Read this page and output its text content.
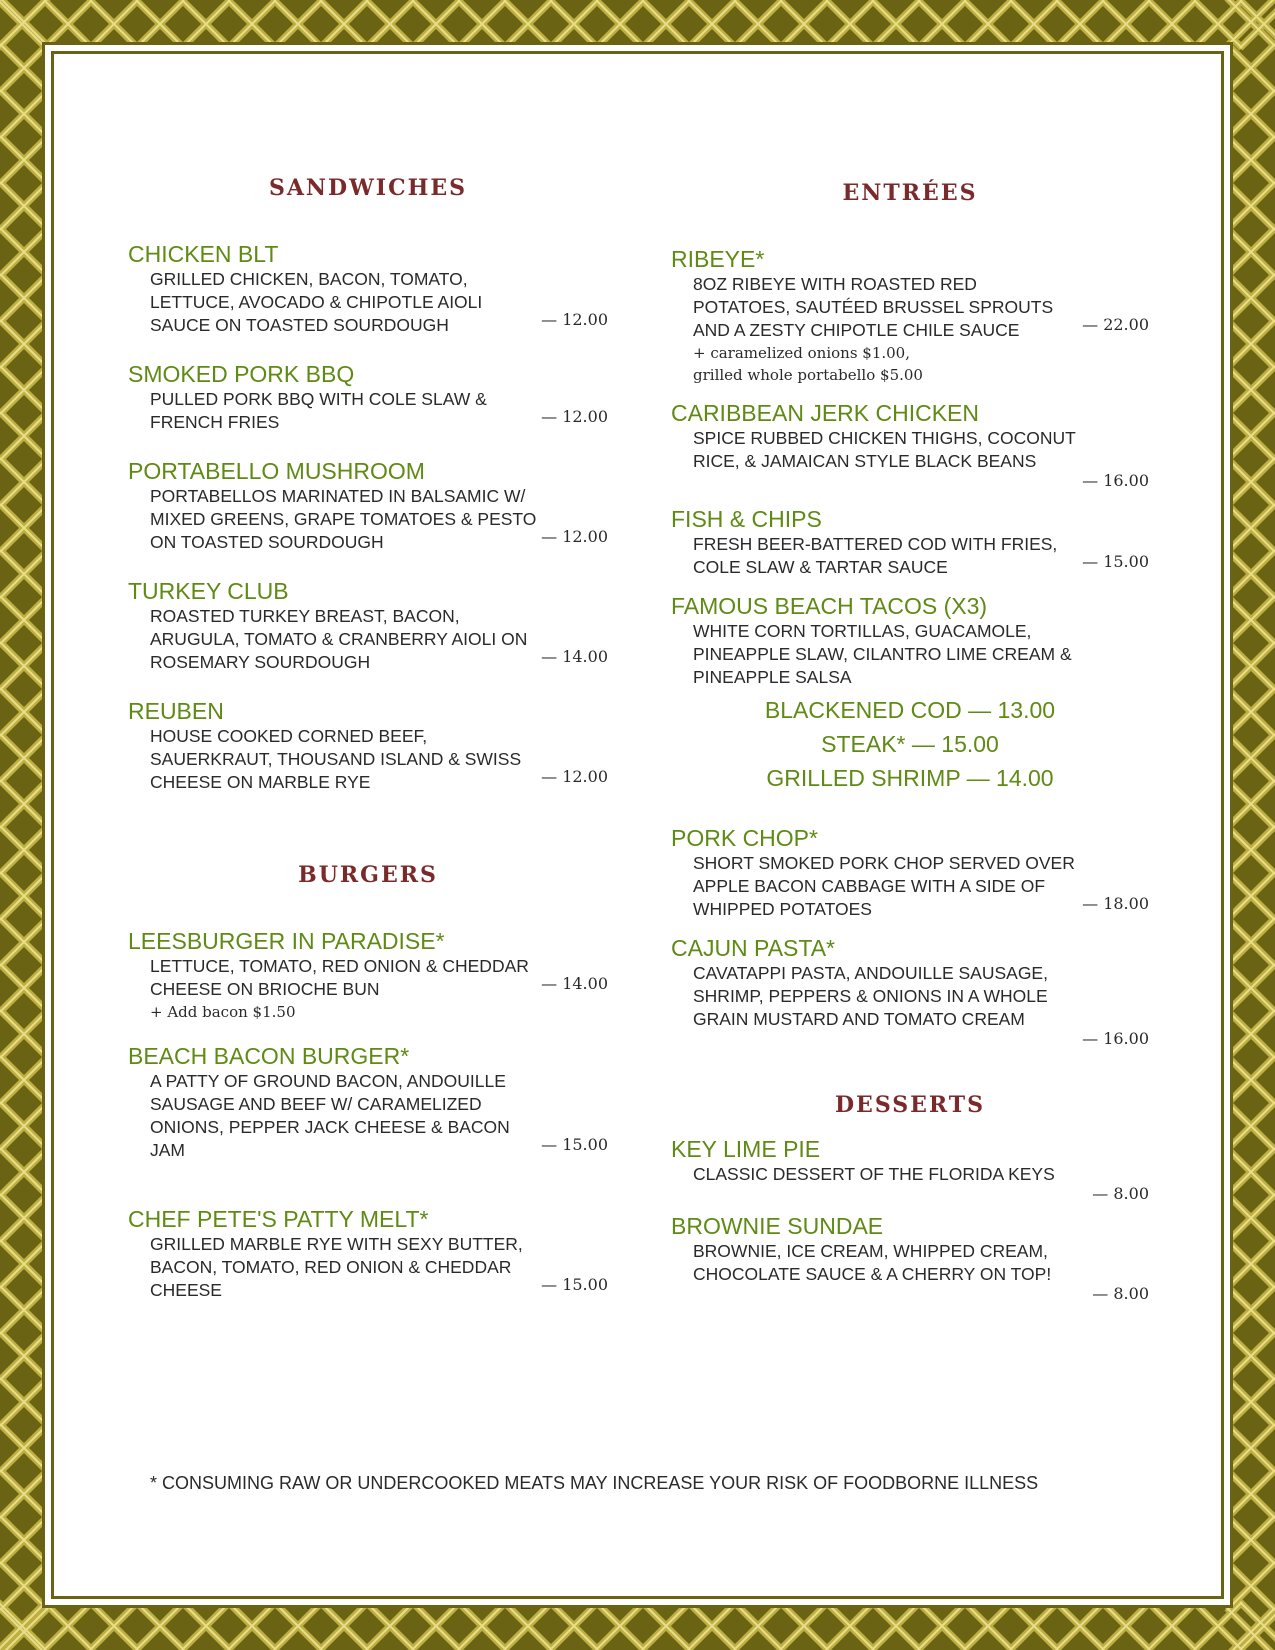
SANDWICHES

CHICKEN BLT

GRILLED CHICKEN, BACON, TOMATO, LETTUCE, AVOCADO & CHIPOTLE AIOLI SAUCE ON TOASTED SOURDOUGH	— 12.00

SMOKED PORK BBQ

PULLED PORK BBQ WITH COLE SLAW & FRENCH FRIES	— 12.00

PORTABELLO MUSHROOM

PORTABELLOS MARINATED IN BALSAMIC W/ MIXED GREENS, GRAPE TOMATOES & PESTO ON TOASTED SOURDOUGH	— 12.00

TURKEY CLUB

ROASTED TURKEY BREAST, BACON, ARUGULA, TOMATO & CRANBERRY AIOLI ON ROSEMARY SOURDOUGH	— 14.00

REUBEN

HOUSE COOKED CORNED BEEF, SAUERKRAUT, THOUSAND ISLAND & SWISS CHEESE ON MARBLE RYE	— 12.00
BURGERS

LEESBURGER IN PARADISE*

LETTUCE, TOMATO, RED ONION & CHEDDAR CHEESE ON BRIOCHE BUN

+ Add bacon $1.50

— 14.00

BEACH BACON BURGER*

A PATTY OF GROUND BACON, ANDOUILLE SAUSAGE AND BEEF W/ CARAMELIZED ONIONS, PEPPER JACK CHEESE & BACON JAM	— 15.00

CHEF PETE'S PATTY MELT*

GRILLED MARBLE RYE WITH SEXY BUTTER, BACON, TOMATO, RED ONION & CHEDDAR CHEESE	— 15.00
ENTRÉES

RIBEYE*

8OZ RIBEYE WITH ROASTED RED POTATOES, SAUTÉED BRUSSEL SPROUTS AND A ZESTY CHIPOTLE CHILE SAUCE

+ caramelized onions $1.00,

grilled whole portabello $5.00

— 22.00

CARIBBEAN JERK CHICKEN

SPICE RUBBED CHICKEN THIGHS, COCONUT RICE, & JAMAICAN STYLE BLACK BEANS

— 16.00

FISH & CHIPS

FRESH BEER-BATTERED COD WITH FRIES, COLE SLAW & TARTAR SAUCE	— 15.00

FAMOUS BEACH TACOS (X3)

WHITE CORN TORTILLAS, GUACAMOLE, PINEAPPLE SLAW, CILANTRO LIME CREAM & PINEAPPLE SALSA

BLACKENED COD — 13.00

STEAK* — 15.00

GRILLED SHRIMP — 14.00

PORK CHOP*

SHORT SMOKED PORK CHOP SERVED OVER APPLE BACON CABBAGE WITH A SIDE OF WHIPPED POTATOES	— 18.00

CAJUN PASTA*

CAVATAPPI PASTA, ANDOUILLE SAUSAGE, SHRIMP, PEPPERS & ONIONS IN A WHOLE GRAIN MUSTARD AND TOMATO CREAM

— 16.00
DESSERTS

KEY LIME PIE

CLASSIC DESSERT OF THE FLORIDA KEYS

— 8.00

BROWNIE SUNDAE

BROWNIE, ICE CREAM, WHIPPED CREAM, CHOCOLATE SAUCE & A CHERRY ON TOP!

— 8.00
* CONSUMING RAW OR UNDERCOOKED MEATS MAY INCREASE YOUR RISK OF FOODBORNE ILLNESS
